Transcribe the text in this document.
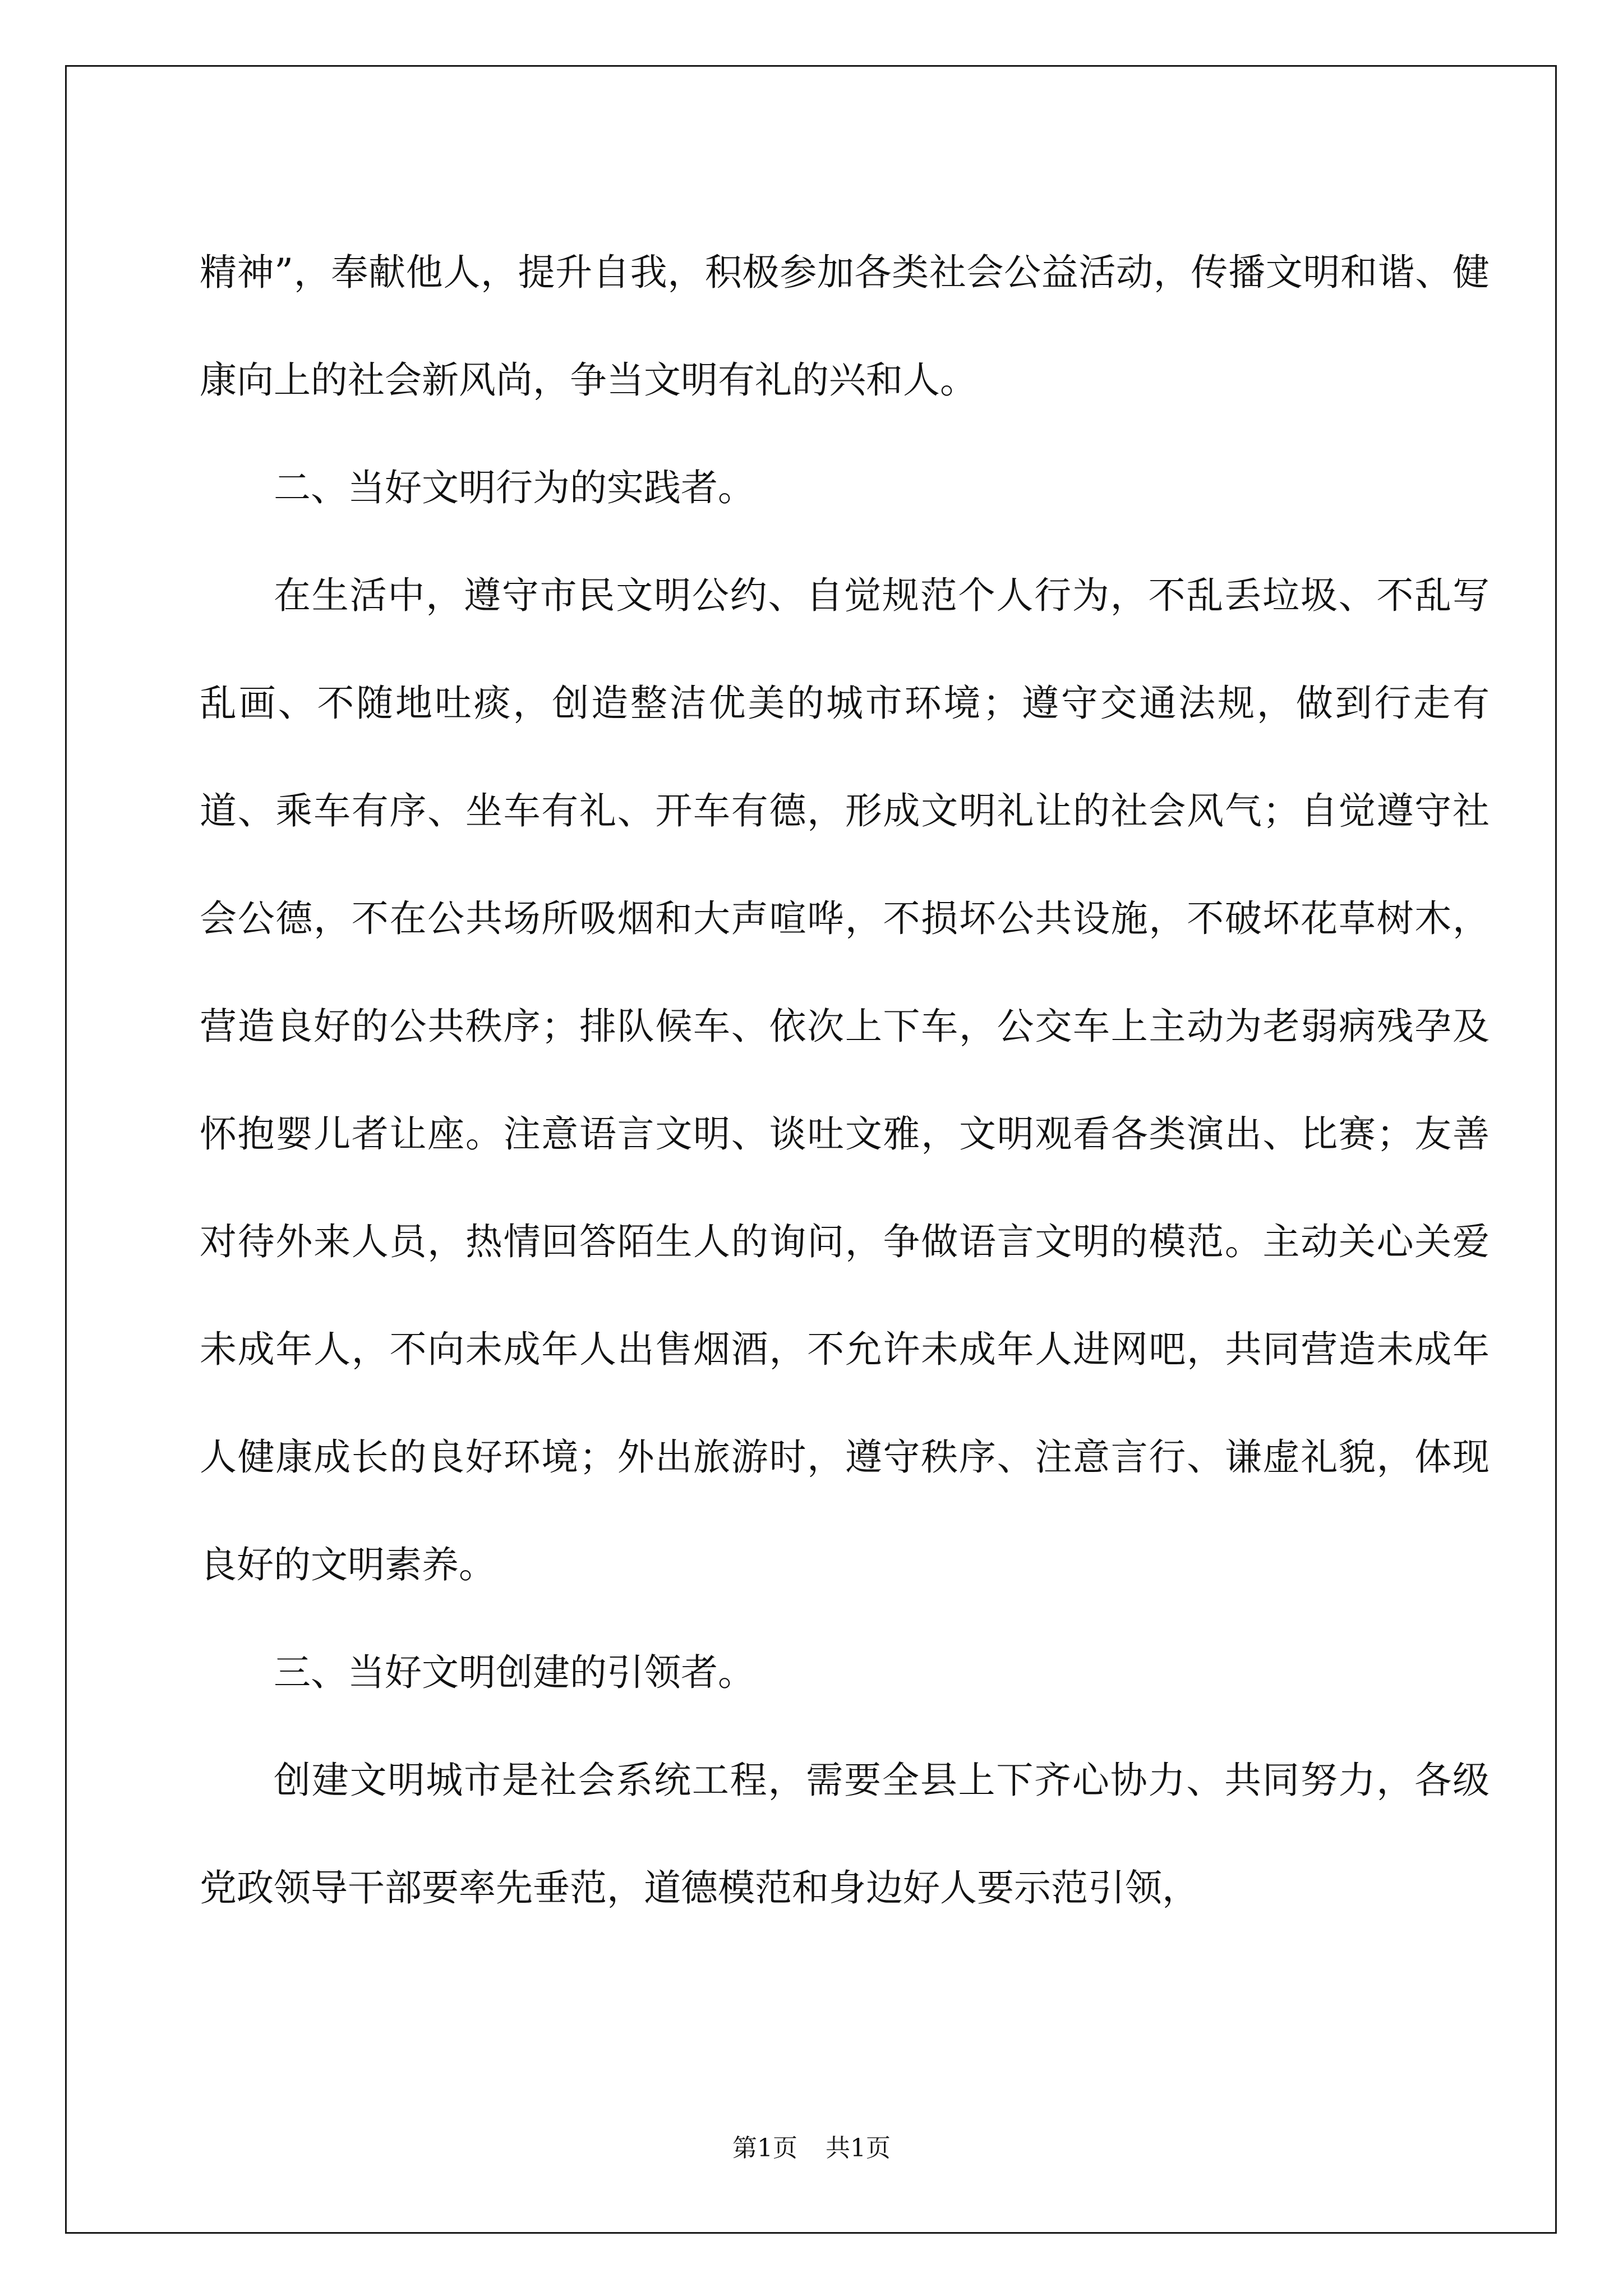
精神”，奉献他人，提升自我，积极参加各类社会公益活动，传播文明和谐、健康向上的社会新风尚，争当文明有礼的兴和人。

二、当好文明行为的实践者。

在生活中，遵守市民文明公约、自觉规范个人行为，不乱丢垃圾、不乱写乱画、不随地吐痰，创造整洁优美的城市环境；遵守交通法规，做到行走有道、乘车有序、坐车有礼、开车有德，形成文明礼让的社会风气；自觉遵守社会公德，不在公共场所吸烟和大声喧哗，不损坏公共设施，不破坏花草树木，营造良好的公共秩序；排队候车、依次上下车，公交车上主动为老弱病残孕及怀抱婴儿者让座。注意语言文明、谈吐文雅，文明观看各类演出、比赛；友善对待外来人员，热情回答陌生人的询问，争做语言文明的模范。主动关心关爱未成年人，不向未成年人出售烟酒，不允许未成年人进网吧，共同营造未成年人健康成长的良好环境；外出旅游时，遵守秩序、注意言行、谦虚礼貌，体现良好的文明素养。

三、当好文明创建的引领者。

创建文明城市是社会系统工程，需要全县上下齐心协力、共同努力，各级党政领导干部要率先垂范，道德模范和身边好人要示范引领，

第1页 共1页
